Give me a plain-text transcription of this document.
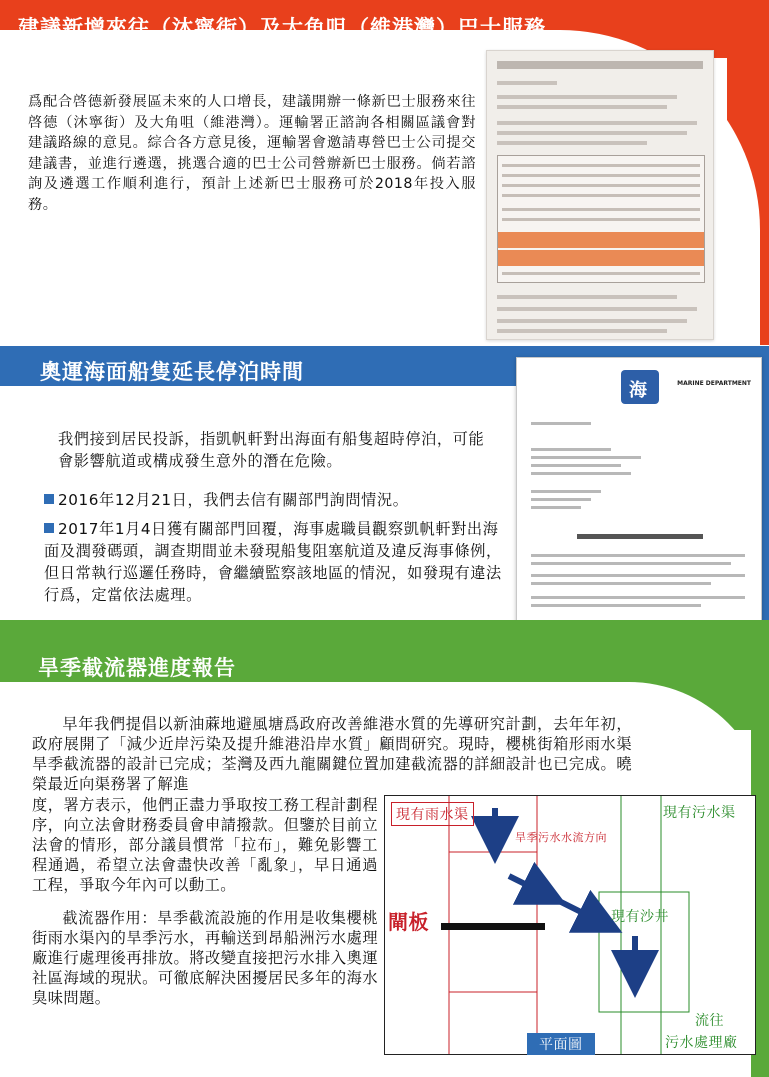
建議新增來往（沐寧街）及大角咀（維港灣）巴士服務
爲配合啓德新發展區未來的人口增長，建議開辦一條新巴士服務來往啓德（沐寧街）及大角咀（維港灣）。運輸署正諮詢各相關區議會對建議路線的意見。綜合各方意見後，運輸署會邀請專營巴士公司提交建議書，並進行遴選，挑選合適的巴士公司營辦新巴士服務。倘若諮詢及遴選工作順利進行，預計上述新巴士服務可於2018年投入服務。
奧運海面船隻延長停泊時間
我們接到居民投訴，指凱帆軒對出海面有船隻超時停泊，可能會影響航道或構成發生意外的潛在危險。
2016年12月21日，我們去信有關部門詢問情況。
2017年1月4日獲有關部門回覆，海事處職員觀察凱帆軒對出海面及潤發碼頭，調查期間並未發現船隻阻塞航道及違反海事條例，但日常執行巡邏任務時，會繼續監察該地區的情況，如發現有違法行爲，定當依法處理。
海	MARINE DEPARTMENT
旱季截流器進度報告
早年我們提倡以新油蔴地避風塘爲政府改善維港水質的先導研究計劃，去年年初，政府展開了「減少近岸污染及提升維港沿岸水質」顧問研究。現時，櫻桃街箱形雨水渠旱季截流器的設計已完成；荃灣及西九龍關鍵位置加建截流器的詳細設計也已完成。曉榮最近向渠務署了解進
度，署方表示，他們正盡力爭取按工務工程計劃程序，向立法會財務委員會申請撥款。但鑒於目前立法會的情形，部分議員慣常「拉布」，難免影響工程通過，希望立法會盡快改善「亂象」，早日通過工程，爭取今年內可以動工。
截流器作用：旱季截流設施的作用是收集櫻桃街雨水渠內的旱季污水，再輸送到昂船洲污水處理廠進行處理後再排放。將改變直接把污水排入奧運社區海域的現狀。可徹底解決困擾居民多年的海水臭味問題。
現有雨水渠	現有污水渠
旱季污水水流方向
現有沙井
閘板
平面圖
流往
污水處理廠
